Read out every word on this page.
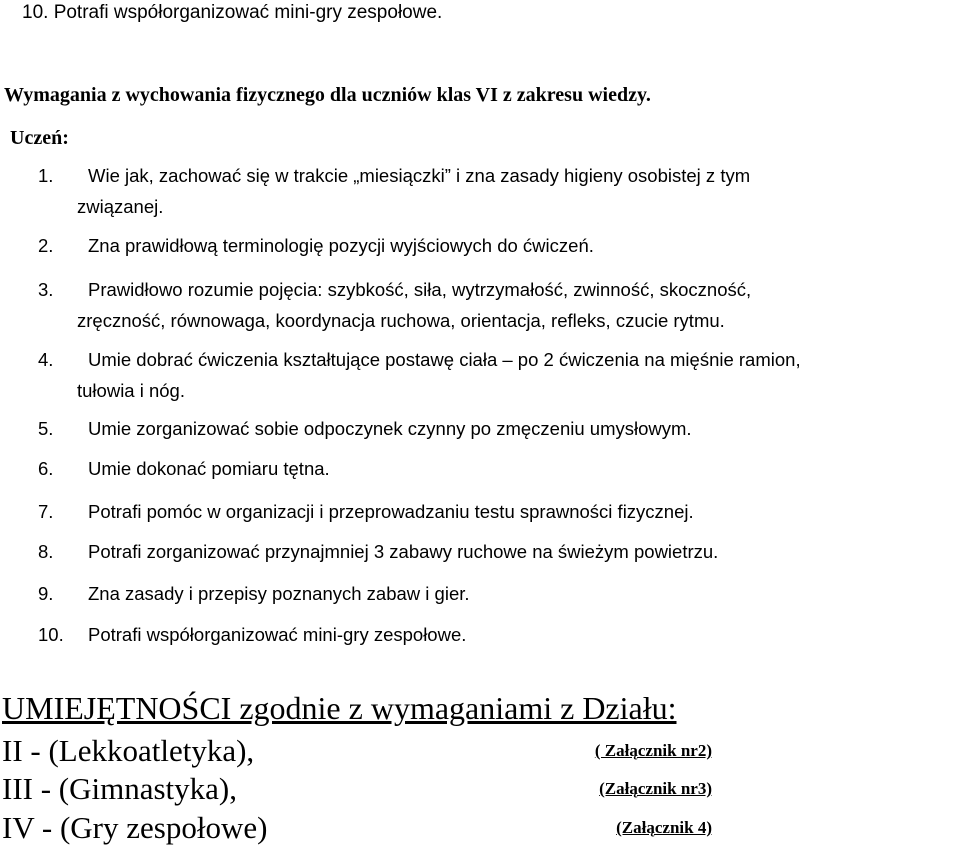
10. Potrafi współorganizować mini-gry zespołowe.
Wymagania z wychowania fizycznego dla uczniów klas VI z zakresu wiedzy.
Uczeń:
1. Wie jak, zachować się w trakcie „miesiączki” i zna zasady higieny osobistej z tym
związanej.
2. Zna prawidłową terminologię pozycji wyjściowych do ćwiczeń.
3. Prawidłowo rozumie pojęcia: szybkość, siła, wytrzymałość, zwinność, skoczność,
zręczność, równowaga, koordynacja ruchowa, orientacja, refleks, czucie rytmu.
4. Umie dobrać ćwiczenia kształtujące postawę ciała – po 2 ćwiczenia na mięśnie ramion,
tułowia i nóg.
5. Umie zorganizować sobie odpoczynek czynny po zmęczeniu umysłowym.
6. Umie dokonać pomiaru tętna.
7. Potrafi pomóc w organizacji i przeprowadzaniu testu sprawności fizycznej.
8. Potrafi zorganizować przynajmniej 3 zabawy ruchowe na świeżym powietrzu.
9. Zna zasady i przepisy poznanych zabaw i gier.
10. Potrafi współorganizować mini-gry zespołowe.
UMIEJĘTNOŚCI zgodnie z wymaganiami z Działu:
II - (Lekkoatletyka),	( Załącznik nr2)
III - (Gimnastyka),	(Załącznik nr3)
IV - (Gry zespołowe)	(Załącznik 4)
